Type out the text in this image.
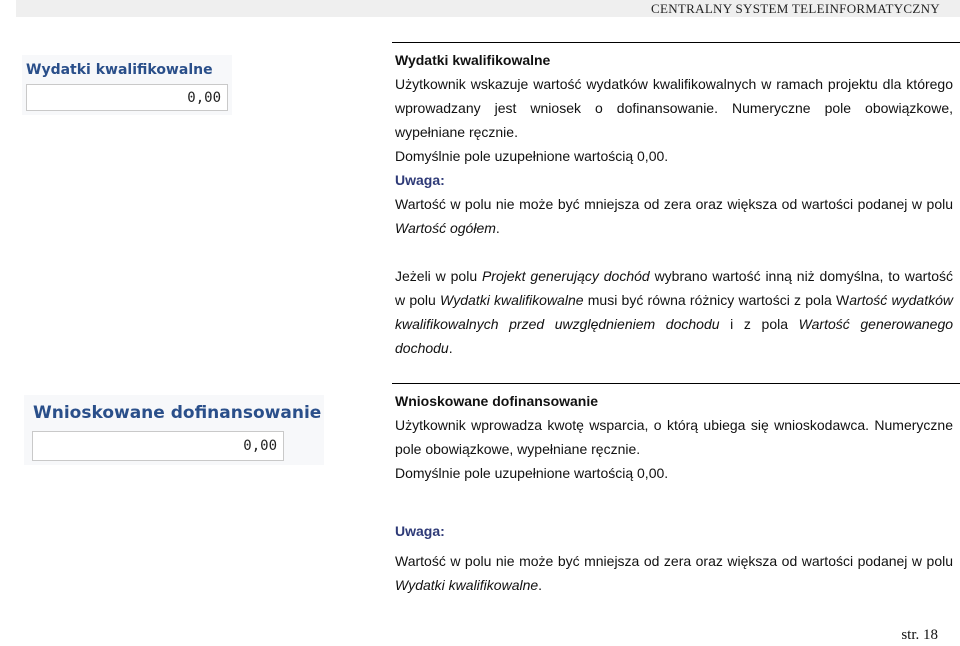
CENTRALNY SYSTEM TELEINFORMATYCZNY
Wydatki kwalifikowalne
0,00

Wydatki kwalifikowalne

Użytkownik wskazuje wartość wydatków kwalifikowalnych w ramach projektu dla którego wprowadzany jest wniosek o dofinansowanie. Numeryczne pole obowiązkowe, wypełniane ręcznie.

Domyślnie pole uzupełnione wartością 0,00.

Uwaga:

Wartość w polu nie może być mniejsza od zera oraz większa od wartości podanej w polu Wartość ogółem.

Jeżeli w polu Projekt generujący dochód wybrano wartość inną niż domyślna, to wartość w polu Wydatki kwalifikowalne musi być równa różnicy wartości z pola Wartość wydatków kwalifikowalnych przed uwzględnieniem dochodu i z pola Wartość generowanego dochodu.

Wnioskowane dofinansowanie
0,00

Wnioskowane dofinansowanie

Użytkownik wprowadza kwotę wsparcia, o którą ubiega się wnioskodawca. Numeryczne pole obowiązkowe, wypełniane ręcznie.

Domyślnie pole uzupełnione wartością 0,00.

Uwaga:

Wartość w polu nie może być mniejsza od zera oraz większa od wartości podanej w polu Wydatki kwalifikowalne.

str. 18
